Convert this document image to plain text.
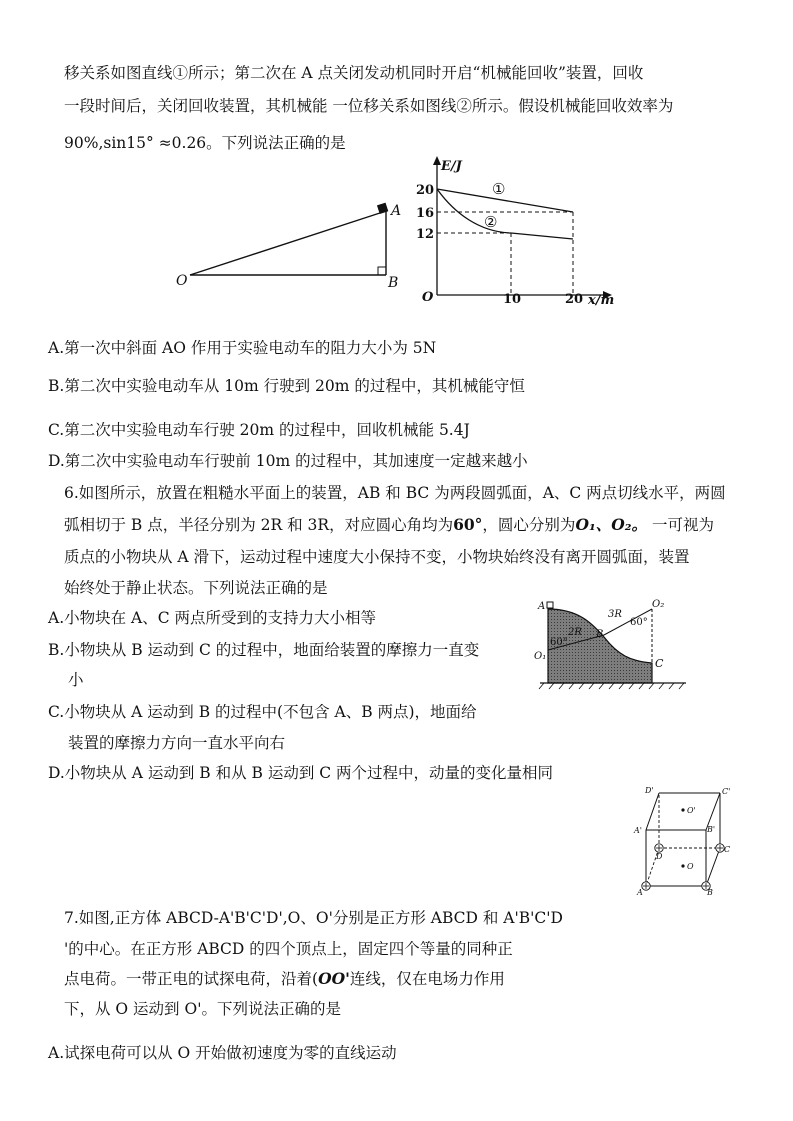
移关系如图直线①所示；第二次在 A 点关闭发动机同时开启“机械能回收”装置，回收
一段时间后，关闭回收装置，其机械能 一位移关系如图线②所示。假设机械能回收效率为
90%,sin15° ≈0.26。下列说法正确的是
O
A
B
E/J
20
16
12
O	10	20 x/m
①
②
A.第一次中斜面 AO 作用于实验电动车的阻力大小为 5N
B.第二次中实验电动车从 10m 行驶到 20m 的过程中，其机械能守恒
C.第二次中实验电动车行驶 20m 的过程中，回收机械能 5.4J
D.第二次中实验电动车行驶前 10m 的过程中，其加速度一定越来越小
6.如图所示，放置在粗糙水平面上的装置，AB 和 BC 为两段圆弧面，A、C 两点切线水平，两圆
弧相切于 B 点，半径分别为 2R 和 3R，对应圆心角均为60°，圆心分别为O₁、O₂。 一可视为
质点的小物块从 A 滑下，运动过程中速度大小保持不变，小物块始终没有离开圆弧面，装置
始终处于静止状态。下列说法正确的是
A.小物块在 A、C 两点所受到的支持力大小相等
B.小物块从 B 运动到 C 的过程中，地面给装置的摩擦力一直变
小
C.小物块从 A 运动到 B 的过程中(不包含 A、B 两点)，地面给
装置的摩擦力方向一直水平向右
D.小物块从 A 运动到 B 和从 B 运动到 C 两个过程中，动量的变化量相同
A
O₁
2R
60°
B
3R
O₂
60°
C
D'	C'
O'
A'	B'
D
C
O
A	B
7.如图,正方体 ABCD-A'B'C'D',O、O'分别是正方形 ABCD 和 A'B'C'D
'的中心。在正方形 ABCD 的四个顶点上，固定四个等量的同种正
点电荷。一带正电的试探电荷，沿着(OO'连线，仅在电场力作用
下，从 O 运动到 O'。下列说法正确的是
A.试探电荷可以从 O 开始做初速度为零的直线运动
